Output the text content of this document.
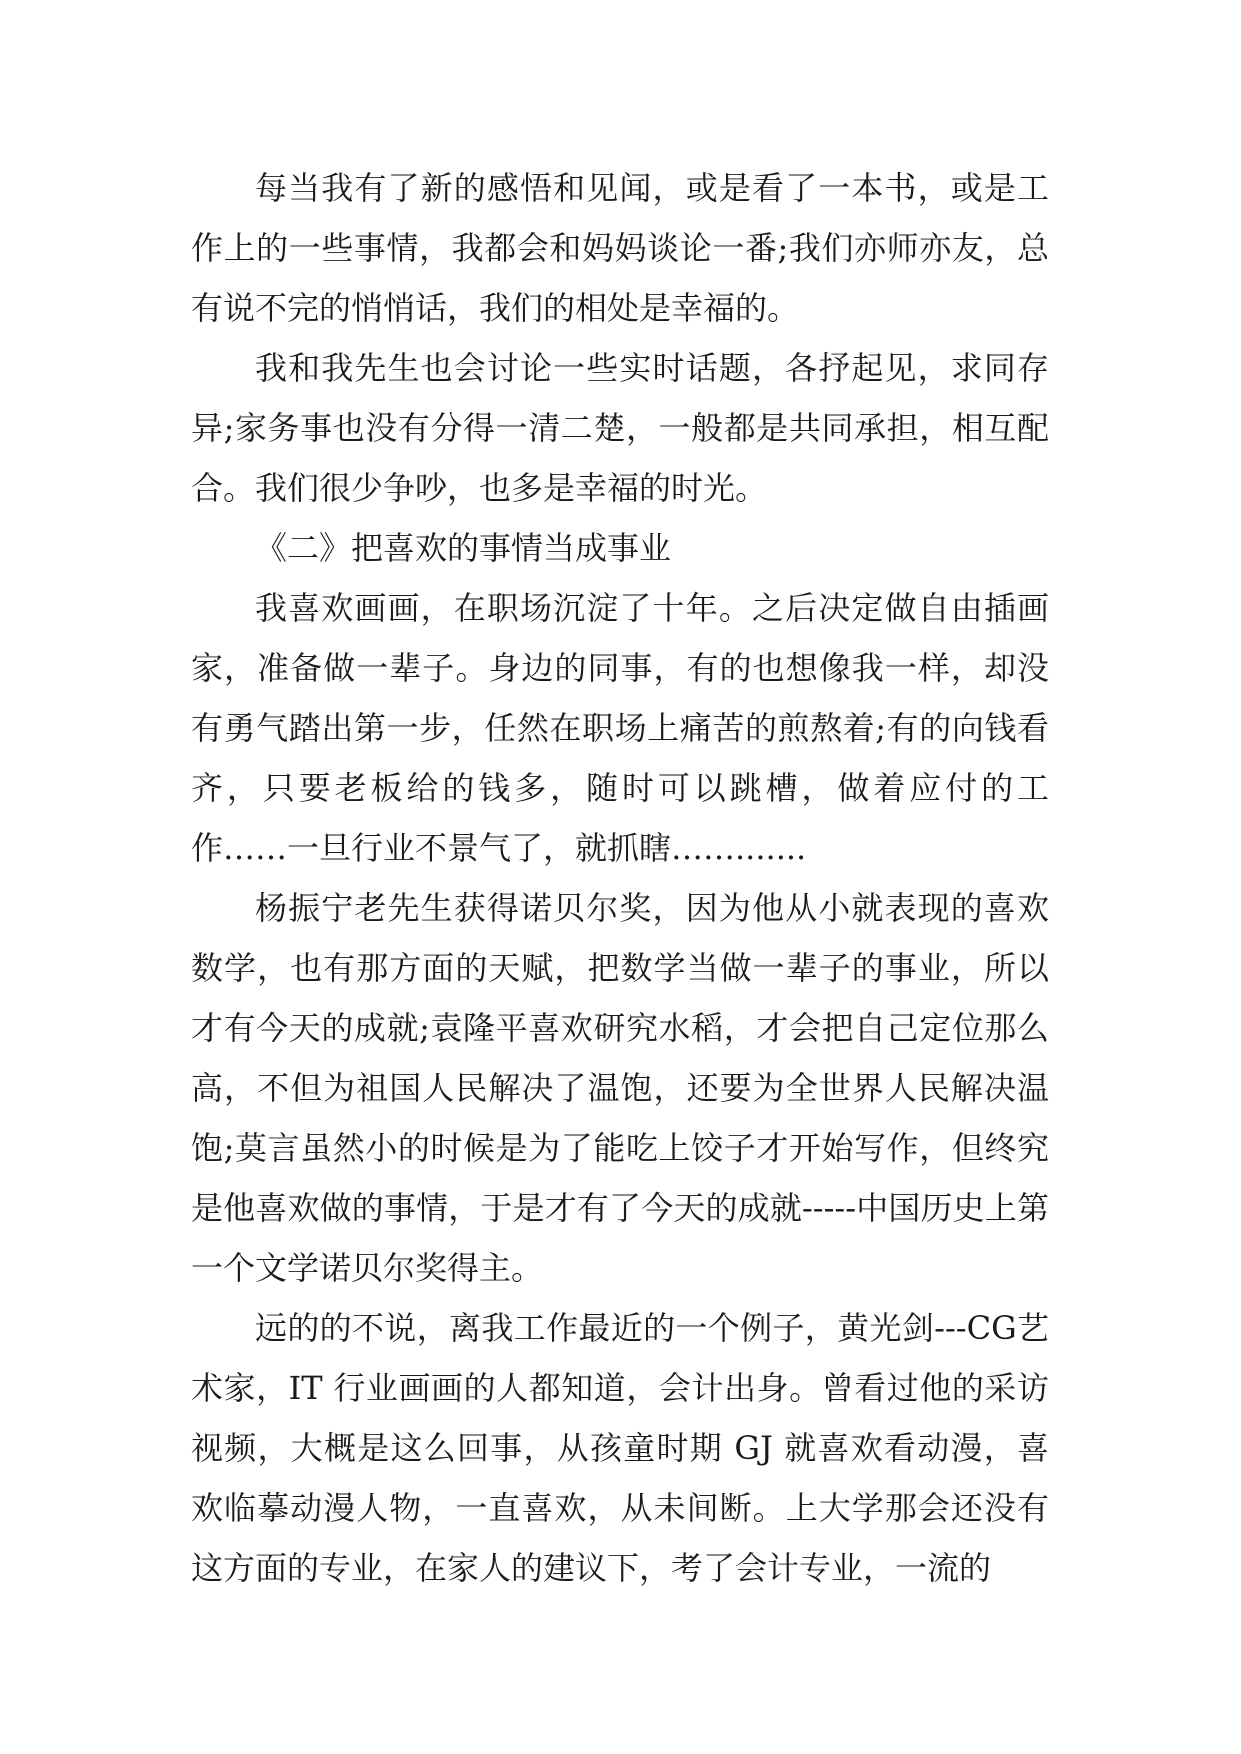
每当我有了新的感悟和见闻，或是看了一本书，或是工作上的一些事情，我都会和妈妈谈论一番;我们亦师亦友，总有说不完的悄悄话，我们的相处是幸福的。

我和我先生也会讨论一些实时话题，各抒起见，求同存异;家务事也没有分得一清二楚，一般都是共同承担，相互配合。我们很少争吵，也多是幸福的时光。

《二》把喜欢的事情当成事业

我喜欢画画，在职场沉淀了十年。之后决定做自由插画家，准备做一辈子。身边的同事，有的也想像我一样，却没有勇气踏出第一步，任然在职场上痛苦的煎熬着;有的向钱看齐，只要老板给的钱多，随时可以跳槽，做着应付的工作……一旦行业不景气了，就抓瞎…….......

杨振宁老先生获得诺贝尔奖，因为他从小就表现的喜欢数学，也有那方面的天赋，把数学当做一辈子的事业，所以才有今天的成就;袁隆平喜欢研究水稻，才会把自己定位那么高，不但为祖国人民解决了温饱，还要为全世界人民解决温饱;莫言虽然小的时候是为了能吃上饺子才开始写作，但终究是他喜欢做的事情，于是才有了今天的成就-----中国历史上第一个文学诺贝尔奖得主。

远的的不说，离我工作最近的一个例子，黄光剑---CG艺术家，IT 行业画画的人都知道，会计出身。曾看过他的采访视频，大概是这么回事，从孩童时期 GJ 就喜欢看动漫，喜欢临摹动漫人物，一直喜欢，从未间断。上大学那会还没有这方面的专业，在家人的建议下，考了会计专业，一流的
